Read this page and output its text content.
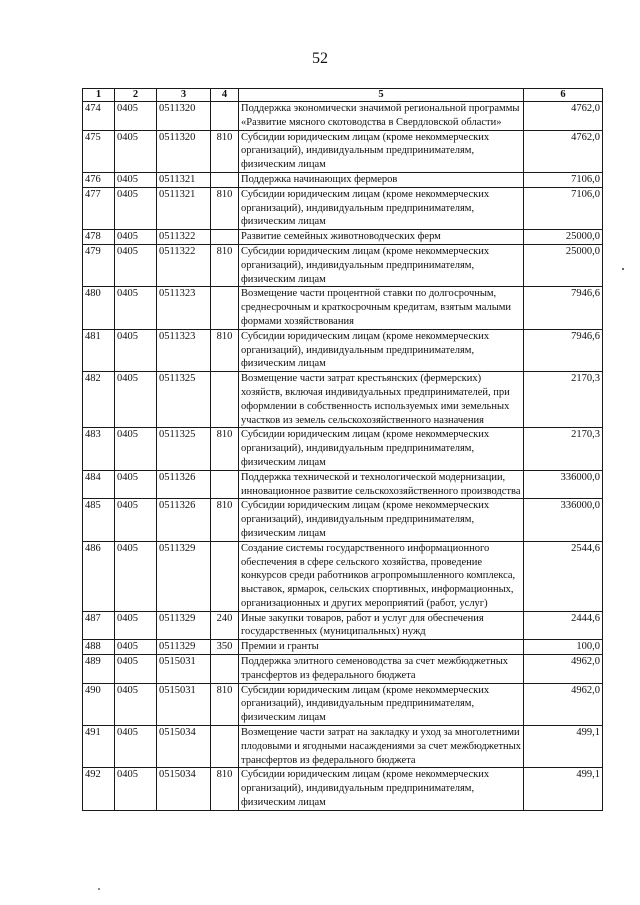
52
1	2	3	4	5	6
474	0405	0511320		Поддержка экономически значимой региональной программы «Развитие мясного скотоводства в Свердловской области»	4762,0
475	0405	0511320	810	Субсидии юридическим лицам (кроме некоммерческих организаций), индивидуальным предпринимателям, физическим лицам	4762,0
476	0405	0511321		Поддержка начинающих фермеров	7106,0
477	0405	0511321	810	Субсидии юридическим лицам (кроме некоммерческих организаций), индивидуальным предпринимателям, физическим лицам	7106,0
478	0405	0511322		Развитие семейных животноводческих ферм	25000,0
479	0405	0511322	810	Субсидии юридическим лицам (кроме некоммерческих организаций), индивидуальным предпринимателям, физическим лицам	25000,0
480	0405	0511323		Возмещение части процентной ставки по долгосрочным, среднесрочным и краткосрочным кредитам, взятым малыми формами хозяйствования	7946,6
481	0405	0511323	810	Субсидии юридическим лицам (кроме некоммерческих организаций), индивидуальным предпринимателям, физическим лицам	7946,6
482	0405	0511325		Возмещение части затрат крестьянских (фермерских) хозяйств, включая индивидуальных предпринимателей, при оформлении в собственность используемых ими земельных участков из земель сельскохозяйственного назначения	2170,3
483	0405	0511325	810	Субсидии юридическим лицам (кроме некоммерческих организаций), индивидуальным предпринимателям, физическим лицам	2170,3
484	0405	0511326		Поддержка технической и технологической модернизации, инновационное развитие сельскохозяйственного производства	336000,0
485	0405	0511326	810	Субсидии юридическим лицам (кроме некоммерческих организаций), индивидуальным предпринимателям, физическим лицам	336000,0
486	0405	0511329		Создание системы государственного информационного обеспечения в сфере сельского хозяйства, проведение конкурсов среди работников агропромышленного комплекса, выставок, ярмарок, сельских спортивных, информационных, организационных и других мероприятий (работ, услуг)	2544,6
487	0405	0511329	240	Иные закупки товаров, работ и услуг для обеспечения государственных (муниципальных) нужд	2444,6
488	0405	0511329	350	Премии и гранты	100,0
489	0405	0515031		Поддержка элитного семеноводства за счет межбюджетных трансфертов из федерального бюджета	4962,0
490	0405	0515031	810	Субсидии юридическим лицам (кроме некоммерческих организаций), индивидуальным предпринимателям, физическим лицам	4962,0
491	0405	0515034		Возмещение части затрат на закладку и уход за многолетними плодовыми и ягодными насаждениями за счет межбюджетных трансфертов из федерального бюджета	499,1
492	0405	0515034	810	Субсидии юридическим лицам (кроме некоммерческих организаций), индивидуальным предпринимателям, физическим лицам	499,1
